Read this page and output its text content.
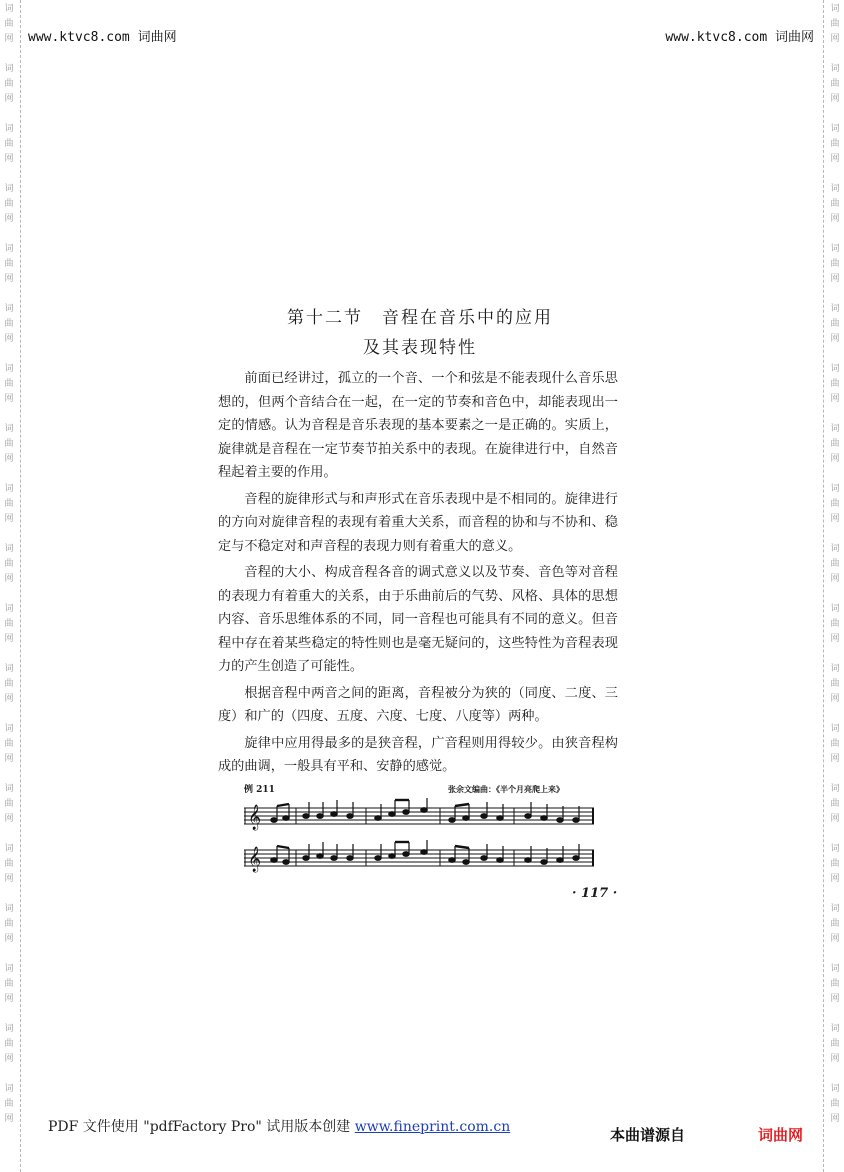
词
曲
网
词
曲
网
词
曲
网
词
曲
网
词
曲
网
词
曲
网
词
曲
网
词
曲
网
词
曲
网
词
曲
网
词
曲
网
词
曲
网
词
曲
网
词
曲
网
词
曲
网
词
曲
网
词
曲
网
词
曲
网
词
曲
网
词
曲
网
词
曲
网
词
曲
网
词
曲
网
词
曲
网
词
曲
网
词
曲
网
词
曲
网
词
曲
网
词
曲
网
词
曲
网
词
曲
网
词
曲
网
词
曲
网
词
曲
网
词
曲
网
词
曲
网
词
曲
网
词
曲
网
www.ktvc8.com 词曲网	www.ktvc8.com 词曲网
第十二节　音程在音乐中的应用
及其表现特性

前面已经讲过，孤立的一个音、一个和弦是不能表现什么音乐思想的，但两个音结合在一起，在一定的节奏和音色中，却能表现出一定的情感。认为音程是音乐表现的基本要素之一是正确的。实质上，旋律就是音程在一定节奏节拍关系中的表现。在旋律进行中，自然音程起着主要的作用。

音程的旋律形式与和声形式在音乐表现中是不相同的。旋律进行的方向对旋律音程的表现有着重大关系，而音程的协和与不协和、稳定与不稳定对和声音程的表现力则有着重大的意义。

音程的大小、构成音程各音的调式意义以及节奏、音色等对音程的表现力有着重大的关系，由于乐曲前后的气势、风格、具体的思想内容、音乐思维体系的不同，同一音程也可能具有不同的意义。但音程中存在着某些稳定的特性则也是毫无疑问的，这些特性为音程表现力的产生创造了可能性。

根据音程中两音之间的距离，音程被分为狭的（同度、二度、三度）和广的（四度、五度、六度、七度、八度等）两种。

旋律中应用得最多的是狭音程，广音程则用得较少。由狭音程构成的曲调，一般具有平和、安静的感觉。

例 211	张余文编曲：《半个月亮爬上来》
𝄞
𝄞
· 117 ·
PDF 文件使用 "pdfFactory Pro" 试用版本创建 www.fineprint.com.cn	本曲谱源自	词曲网
